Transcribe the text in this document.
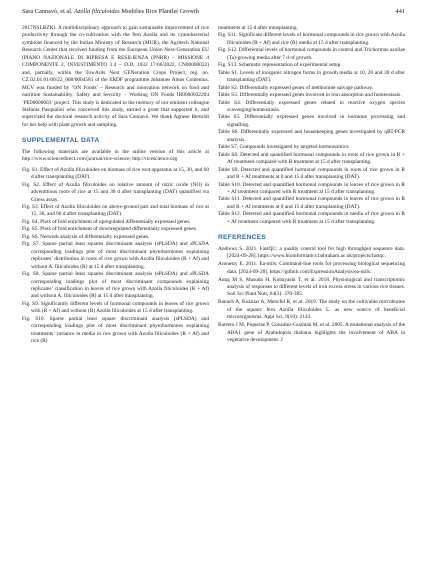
Sara Cannavò, et al. Azolla filiculoides Modifies Rice Plantlet Growth	441

2017NSLBZK). A multidisciplinary approach to gain sustainable improvement of rice productivity through the co-cultivation with the fern Azolla and its cyanobacterial symbiont financed by the Italian Ministry of Research (MUR), the Agritech National Research Center that received funding from the European Union Next-Generation EU (PIANO NAZIONALE DI RIPRESA E RESILIENZA (PNRR) – MISSIONE 4 COMPONENTE 2, INVESTIMENTO 1.4 – D.D. 1032 17/06/2022, CN00000022) and, partially, within the TowArds Next GENeration Crops Project, reg. no. CZ.02.01.01/00/22_008/0004581 of the ERDF programme Johannes Amos Comenius. MCV was funded by ‘ON Foods’ – Research and innovation network on food and nutrition Sustainability, Safety and Security – Working ON Foods IR0000032204 ‘PE00000003’ project. This study is dedicated to the memory of our eminent colleague Stefania Pasqualini who conceived this study, earned a grant that supported it, and supervised the doctoral research activity of Sara Cannavò. We thank Agnese Bertoldi for her help with plant growth and sampling.

SUPPLEMENTAL DATA

The following materials are available in the online version of this article at http://www.sciencedirect.com/journal/rice-science; http://ricescience.org.

Fig. S1. Effect of Azolla filiculoides on biomass of rice root apparatus at 15, 30, and 60 d after transplanting (DAT).
Fig. S2. Effect of Azolla filiculoides on relative amount of nitric oxide (NO) in adventitious roots of rice at 15 and 30 d after transplanting (DAT) quantified via Griess assay.
Fig. S3. Effect of Azolla filiculoides on above-ground part and total biomass of rice at 15, 30, and 60 d after transplanting (DAT).
Fig. S4. Plots of fold enrichment of upregulated differentially expressed genes.
Fig. S5. Plots of fold enrichment of downregulated differentially expressed genes.
Fig. S6. Network analysis of differentially expressed genes.
Fig. S7. Sparse partial least squares discriminant analysis (sPLSDA) and sPLSDA corresponding loadings plot of most discriminant phytohormones explaining replicates’ distribution in roots of rice grown with Azolla filiculoides (R + Af) and without A. filiculoides (R) at 15 d after transplanting.
Fig. S8. Sparse partial least squares discriminant analysis (sPLSDA) and sPLSDA corresponding loadings plot of most discriminant compounds explaining replicates’ classification in leaves of rice grown with Azolla filiculoides (R + Af) and without A. filiculoides (R) at 15 d after transplanting.
Fig. S9. Significantly different levels of hormonal compounds in leaves of rice grown with (R + Af) and without (R) Azolla filiculoides at 15 d after transplanting.
Fig. S10. Sparse partial least square discriminant analysis (sPLSDA) and corresponding loadings plot of most discriminant phytohormones explaining treatments’ variance in media in rice grown with Azolla filiculoides (R + Af) and rice (R)
treatments at 15 d after transplanting.
Fig. S11. Significant different levels of hormonal compounds in rice grown with Azolla filiculoides (R + Af) and rice (R) media at 15 d after transplanting.
Fig. S12. Differential levels of hormonal compounds in control and Trichormus azollae (Ta)-growing media after 7 d of growth.
Fig. S13. Schematic representation of experimental setup.
Table S1. Levels of inorganic nitrogen forms in growth media at 10, 20 and 30 d after transplanting (DAT).
Table S2. Differentially expressed genes of methionine salvage pathway.
Table S3. Differentially expressed genes involved in iron absorption and homeostasis.
Table S4. Differentially expressed genes related to reactive oxygen species scavenging/homeostasis.
Table S5. Differentially expressed genes involved in hormone processing and signalling.
Table S6. Differentially expressed and housekeeping genes investigated by qRT-PCR analysis.
Table S7. Compounds investigated by targeted hormonomics.
Table S8. Detected and quantified hormonal compounds in roots of rice grown in R + Af treatment compared with R treatment at 15 d after transplanting.
Table S9. Detected and quantified hormonal compounds in roots of rice grown in R and R + Af treatments at 0 and 15 d after transplanting (DAT).
Table S10. Detected and quantified hormonal compounds in leaves of rice grown in R + Af treatment compared with R treatment at 15 d after transplanting.
Table S11. Detected and quantified hormonal compounds in leaves of rice grown in R and R + Af treatments at 0 and 15 d after transplanting (DAT).
Table S12. Detected and quantified hormonal compounds in media of rice grown in R + Af treatment compared with R treatment at 15 d after transplanting.
REFERENCES
Andrews S. 2021. FastQC: a quality control tool for high throughput sequence data. [2024-09-28]. https://www.bioinformatics.babraham.ac.uk/projects/fastqc.
Aronesty E. 2011. Ea-utils: Command-line tools for processing biological sequencing data. [2024-09-28]. https://github.com/ExpressionAnalysis/ea-utils.
Aung M S, Masuda H, Kobayashi T, et al. 2018. Physiological and transcriptomic analysis of responses to different levels of iron excess stress in various rice tissues. Soil Sci Plant Nutr, 64(3): 370-385.
Banach A, Kuźniar A, Mencfel R, et al. 2019. The study on the cultivable microbiome of the aquatic fern Azolla filiculoides L. as new source of beneficial microorganisms. Appl Sci, 9(10): 2143.
Barrero J M, Piqueras P, González-Guzmán M, et al. 2005. A mutational analysis of the ABA1 gene of Arabidopsis thaliana highlights the involvement of ABA in vegetative development. J
